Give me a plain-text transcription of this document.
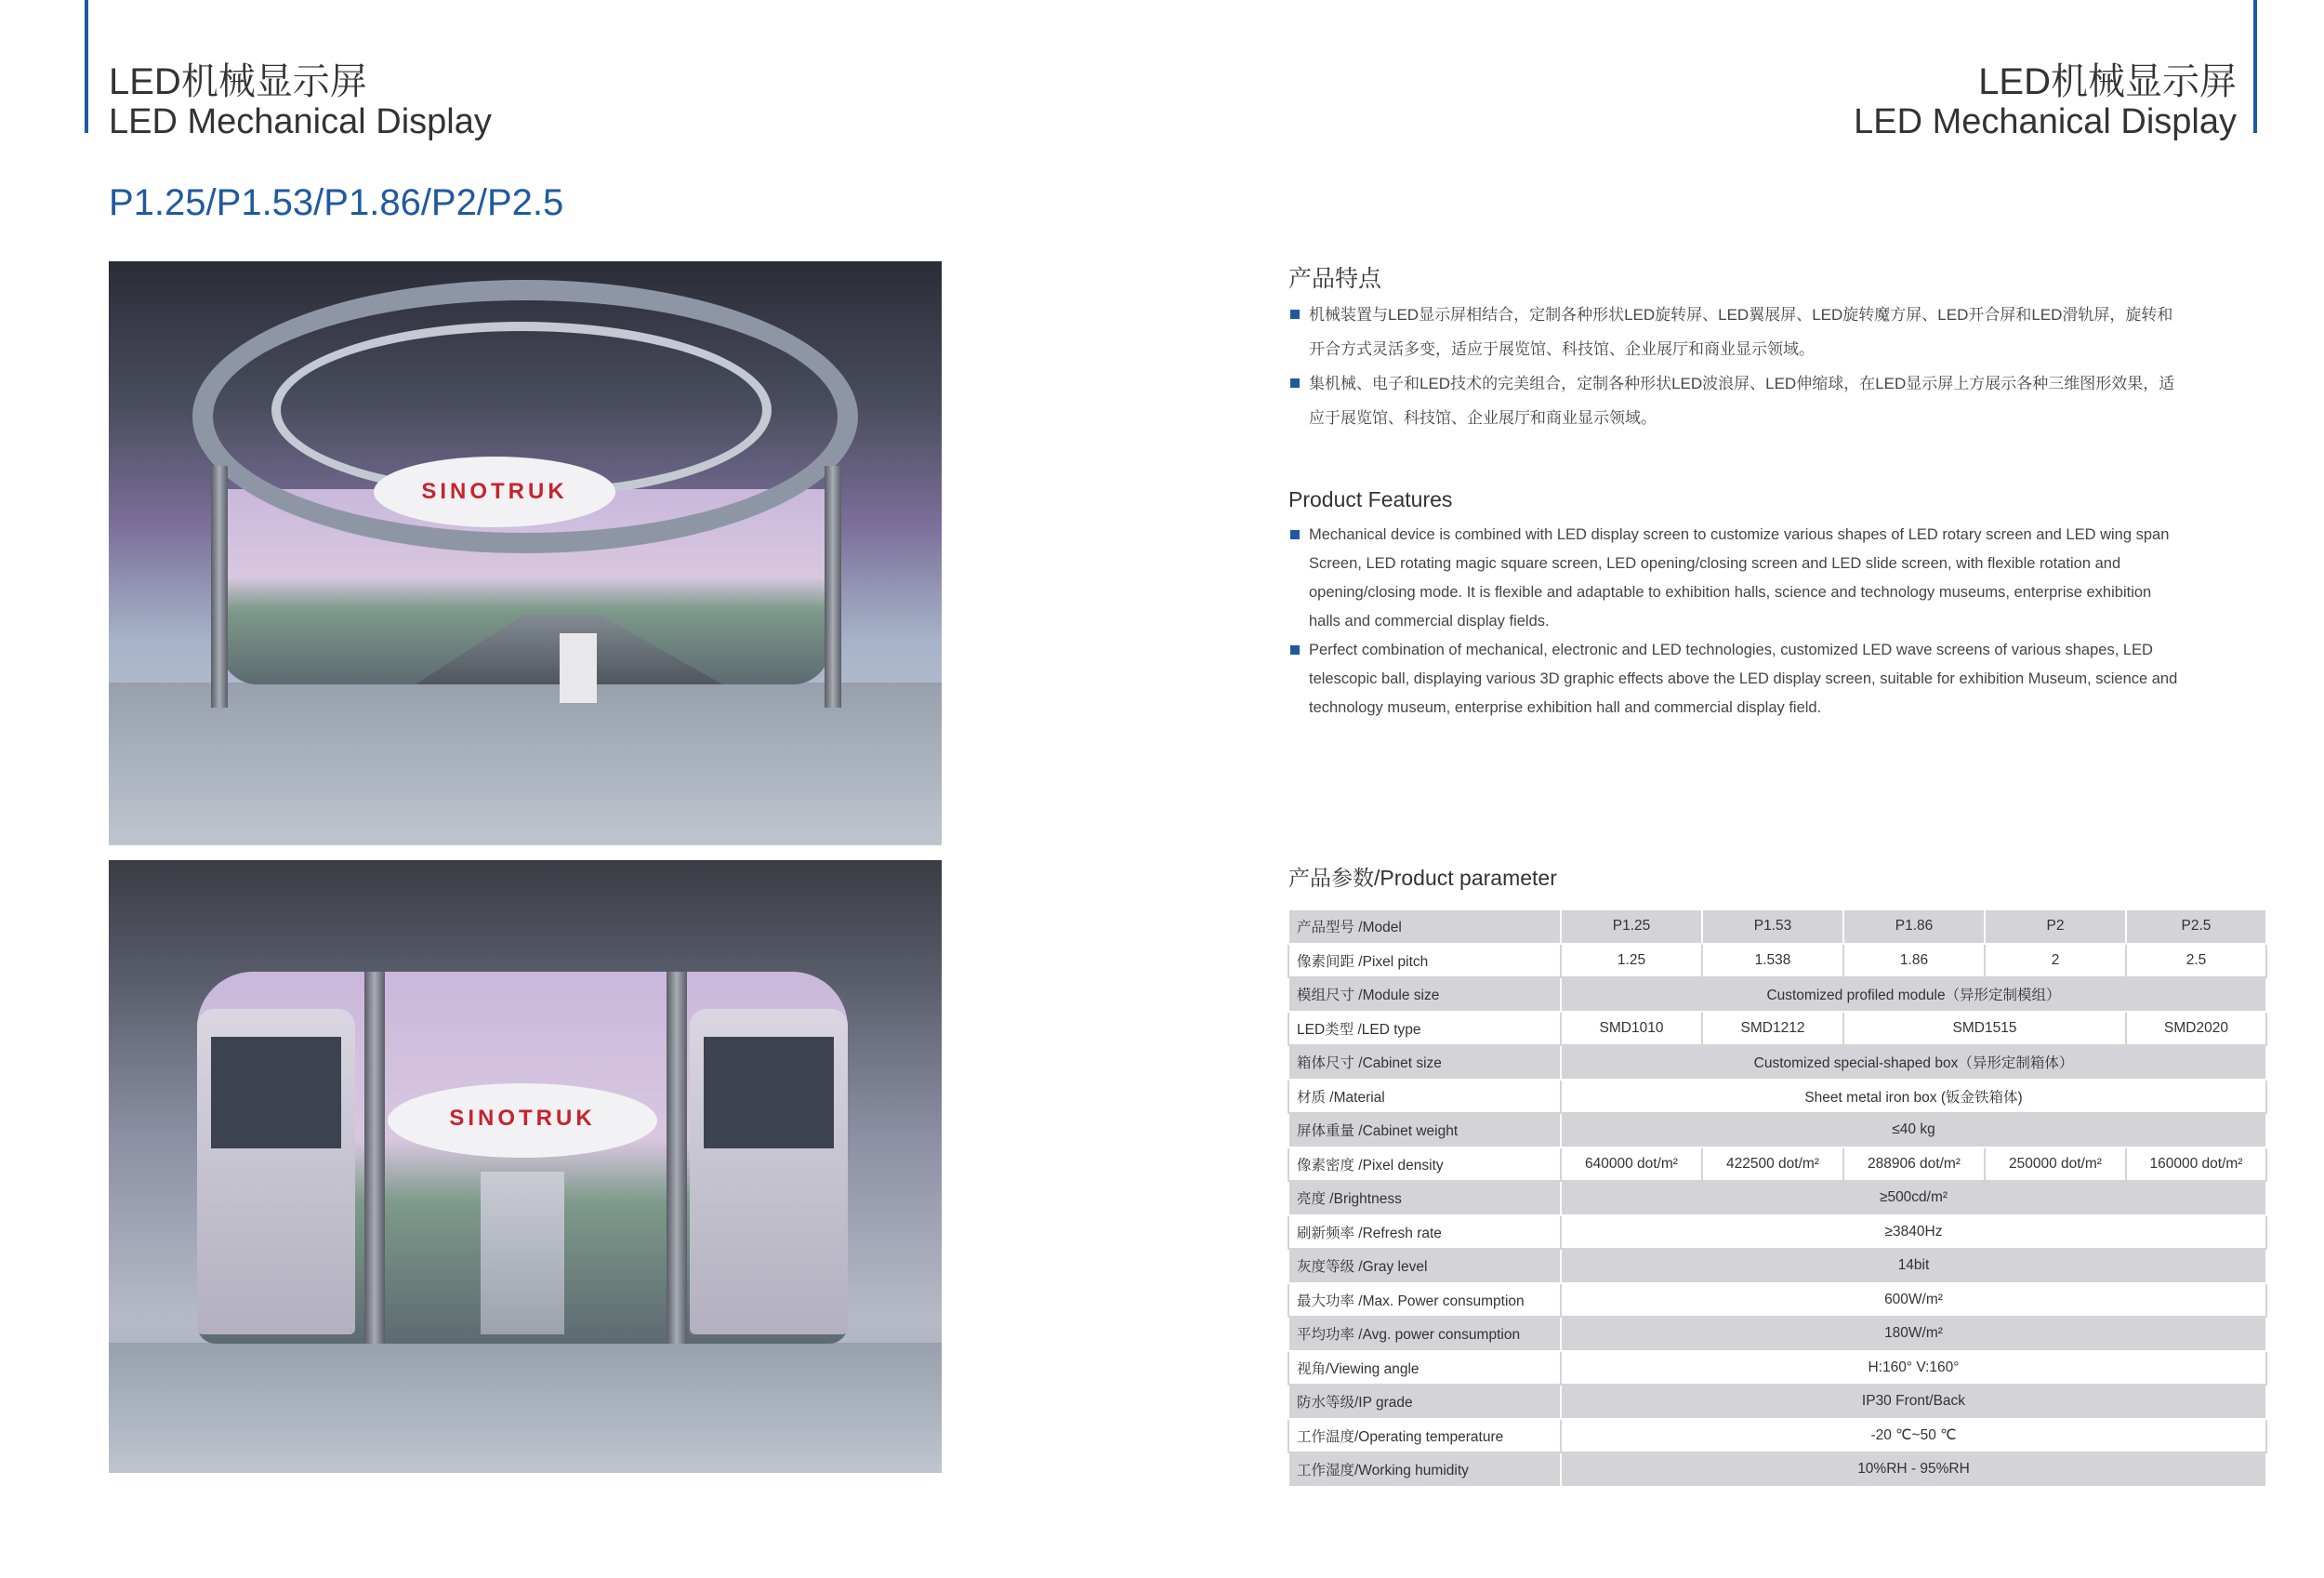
LED机械显示屏
LED Mechanical Display
LED机械显示屏
LED Mechanical Display
P1.25/P1.53/P1.86/P2/P2.5
SINOTRUK
SINOTRUK
产品特点
机械装置与LED显示屏相结合，定制各种形状LED旋转屏、LED翼展屏、LED旋转魔方屏、LED开合屏和LED滑轨屏，旋转和开合方式灵活多变，适应于展览馆、科技馆、企业展厅和商业显示领域。
集机械、电子和LED技术的完美组合，定制各种形状LED波浪屏、LED伸缩球，在LED显示屏上方展示各种三维图形效果，适应于展览馆、科技馆、企业展厅和商业显示领域。
Product Features
Mechanical device is combined with LED display screen to customize various shapes of LED rotary screen and LED wing span Screen, LED rotating magic square screen, LED opening/closing screen and LED slide screen, with flexible rotation and opening/closing mode. It is flexible and adaptable to exhibition halls, science and technology museums, enterprise exhibition halls and commercial display fields.
Perfect combination of mechanical, electronic and LED technologies, customized LED wave screens of various shapes, LED telescopic ball, displaying various 3D graphic effects above the LED display screen, suitable for exhibition Museum, science and technology museum, enterprise exhibition hall and commercial display field.
产品参数/Product parameter
产品型号 /Model	P1.25	P1.53	P1.86	P2	P2.5
像素间距 /Pixel pitch	1.25	1.538	1.86	2	2.5
模组尺寸 /Module size	Customized profiled module（异形定制模组）				
LED类型 /LED type	SMD1010	SMD1212	SMD1515		SMD2020
箱体尺寸 /Cabinet size	Customized special-shaped box（异形定制箱体）				
材质 /Material	Sheet metal iron box (钣金铁箱体)				
屏体重量 /Cabinet weight	≤40 kg				
像素密度 /Pixel density	640000 dot/m²	422500 dot/m²	288906 dot/m²	250000 dot/m²	160000 dot/m²
亮度 /Brightness	≥500cd/m²				
刷新频率 /Refresh rate	≥3840Hz				
灰度等级 /Gray level	14bit				
最大功率 /Max. Power consumption	600W/m²				
平均功率 /Avg. power consumption	180W/m²				
视角/Viewing angle	H:160° V:160°				
防水等级/IP grade	IP30 Front/Back				
工作温度/Operating temperature	-20 ℃~50 ℃				
工作湿度/Working humidity	10%RH - 95%RH				
